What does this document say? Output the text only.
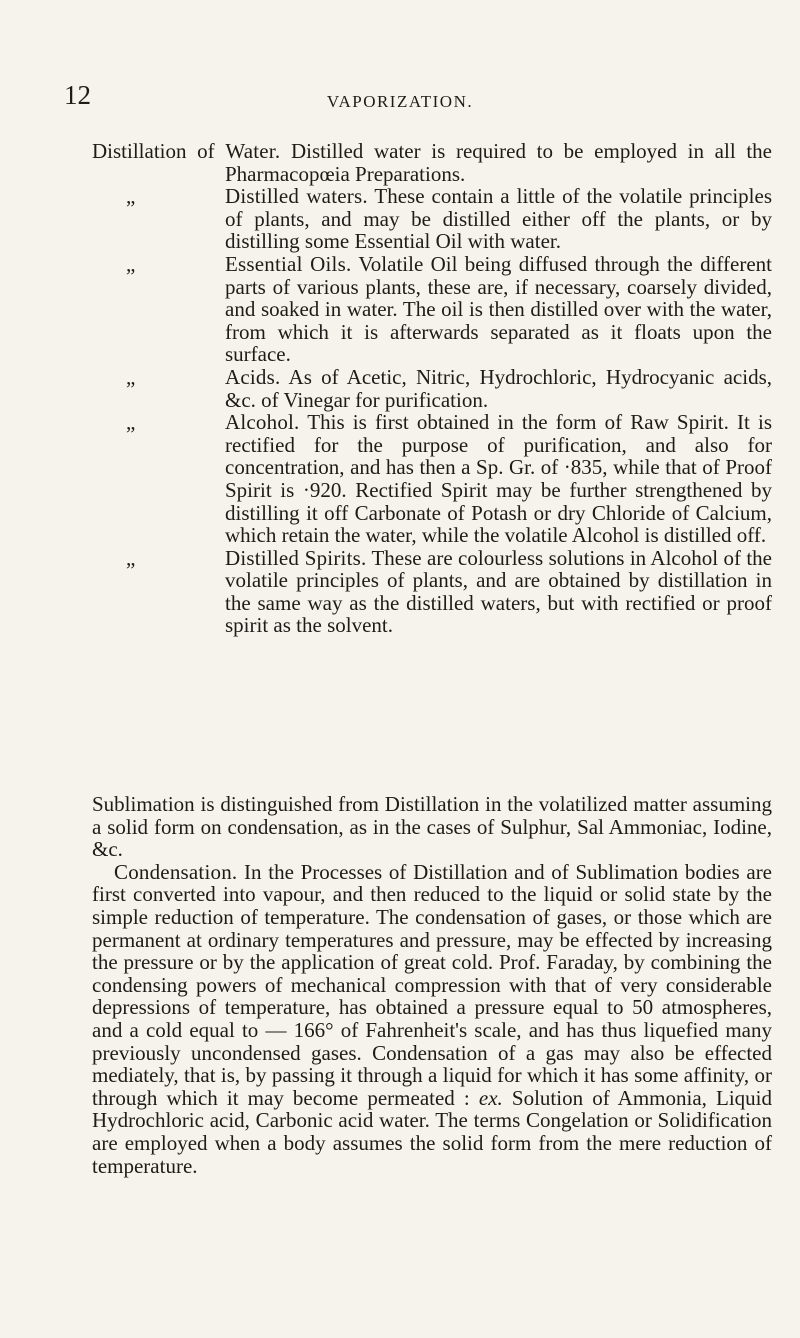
12	VAPORIZATION.
Distillation of Water. Distilled water is required to be employed in all the Pharmacopœia Preparations.
„	Distilled waters. These contain a little of the volatile principles of plants, and may be distilled either off the plants, or by distilling some Essential Oil with water.
„	Essential Oils. Volatile Oil being diffused through the different parts of various plants, these are, if necessary, coarsely divided, and soaked in water. The oil is then distilled over with the water, from which it is afterwards separated as it floats upon the surface.
„	Acids. As of Acetic, Nitric, Hydrochloric, Hydrocyanic acids, &c. of Vinegar for purification.
„	Alcohol. This is first obtained in the form of Raw Spirit. It is rectified for the purpose of purification, and also for concentration, and has then a Sp. Gr. of ·835, while that of Proof Spirit is ·920. Rectified Spirit may be further strengthened by distilling it off Carbonate of Potash or dry Chloride of Calcium, which retain the water, while the volatile Alcohol is distilled off.
„	Distilled Spirits. These are colourless solutions in Alcohol of the volatile principles of plants, and are obtained by distillation in the same way as the distilled waters, but with rectified or proof spirit as the solvent.

Sublimation is distinguished from Distillation in the volatilized matter assuming a solid form on condensation, as in the cases of Sulphur, Sal Ammoniac, Iodine, &c.

Condensation. In the Processes of Distillation and of Sublimation bodies are first converted into vapour, and then reduced to the liquid or solid state by the simple reduction of temperature. The condensation of gases, or those which are permanent at ordinary temperatures and pressure, may be effected by increasing the pressure or by the application of great cold. Prof. Faraday, by combining the condensing powers of mechanical compression with that of very considerable depressions of temperature, has obtained a pressure equal to 50 atmospheres, and a cold equal to — 166° of Fahrenheit's scale, and has thus liquefied many previously uncondensed gases. Condensation of a gas may also be effected mediately, that is, by passing it through a liquid for which it has some affinity, or through which it may become permeated : ex. Solution of Ammonia, Liquid Hydrochloric acid, Carbonic acid water. The terms Congelation or Solidification are employed when a body assumes the solid form from the mere reduction of temperature.
